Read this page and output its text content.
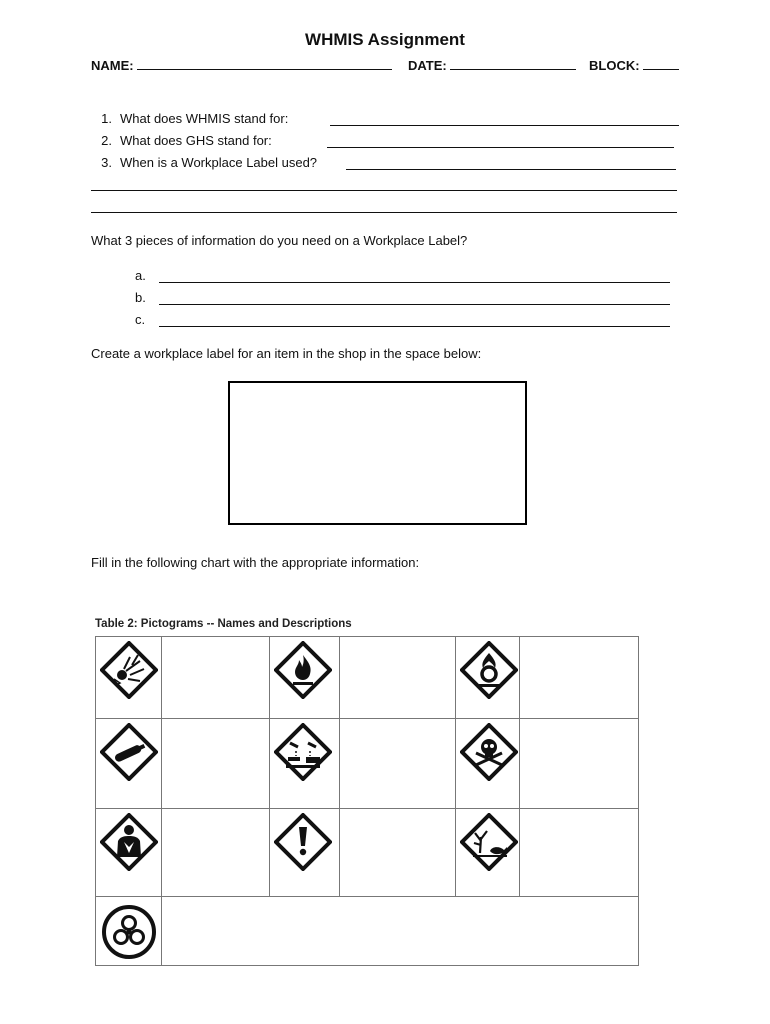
WHMIS Assignment
NAME:	DATE:	BLOCK:
1. What does WHMIS stand for:
2. What does GHS stand for:
3. When is a Workplace Label used?
What 3 pieces of information do you need on a Workplace Label?
a.
b.
c.
Create a workplace label for an item in the shop in the space below:
Fill in the following chart with the appropriate information:
Table 2: Pictograms -- Names and Descriptions
